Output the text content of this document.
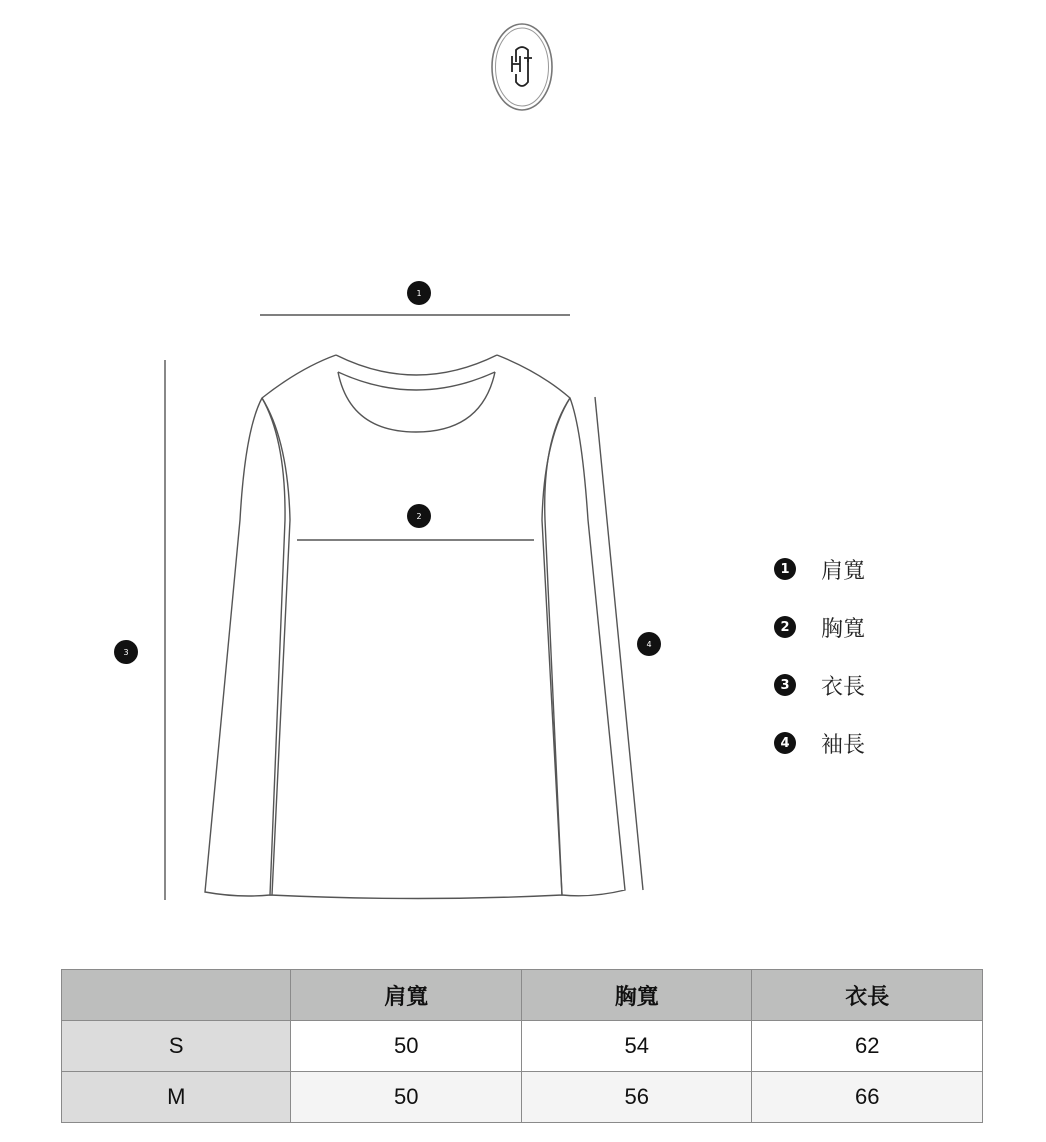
1
2
3
4
1 肩寬
2 胸寬
3 衣長
4 袖長
	肩寬	胸寬	衣長
S	50	54	62
M	50	56	66
